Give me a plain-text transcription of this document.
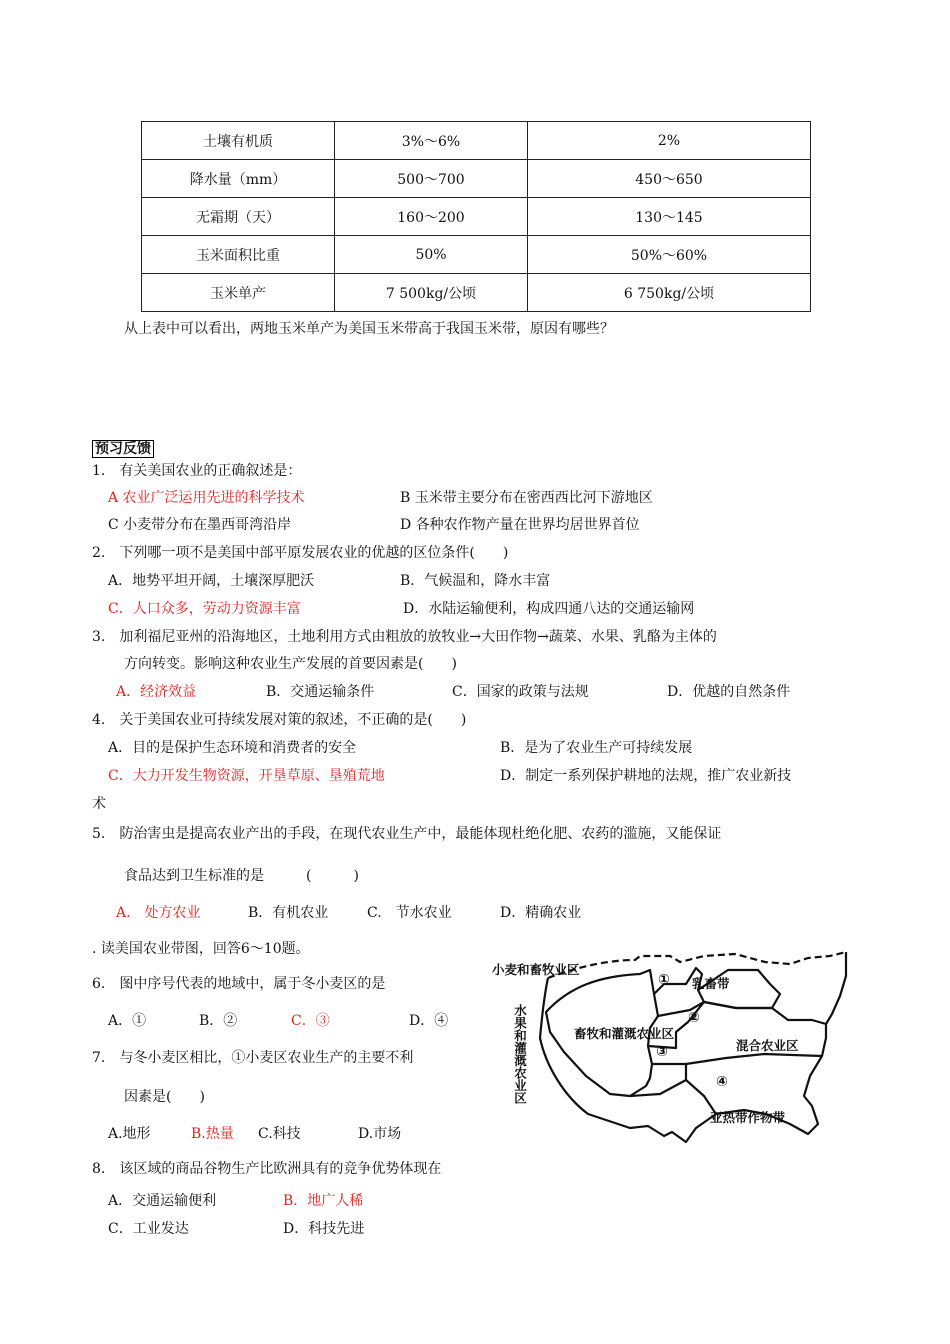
土壤有机质	3%～6%	2%
降水量（mm）	500～700	450～650
无霜期（天）	160～200	130～145
玉米面积比重	50%	50%～60%
玉米单产	7 500kg/公顷	6 750kg/公顷
从上表中可以看出，两地玉米单产为美国玉米带高于我国玉米带，原因有哪些？
预习反馈
1.　有关美国农业的正确叙述是：
A 农业广泛运用先进的科学技术	B 玉米带主要分布在密西西比河下游地区
C 小麦带分布在墨西哥湾沿岸	D 各种农作物产量在世界均居世界首位
2.　下列哪一项不是美国中部平原发展农业的优越的区位条件(　　)
A．地势平坦开阔，土壤深厚肥沃	B．气候温和，降水丰富
C．人口众多，劳动力资源丰富	D．水陆运输便利，构成四通八达的交通运输网
3.　加利福尼亚州的沿海地区，土地利用方式由粗放的放牧业→大田作物→蔬菜、水果、乳酪为主体的
方向转变。影响这种农业生产发展的首要因素是(　　)
A．经济效益	B．交通运输条件	C．国家的政策与法规	D．优越的自然条件
4.　关于美国农业可持续发展对策的叙述，不正确的是(　　)
A．目的是保护生态环境和消费者的安全	B．是为了农业生产可持续发展
C．大力开发生物资源，开垦草原、垦殖荒地	D．制定一系列保护耕地的法规，推广农业新技
术
5.　防治害虫是提高农业产出的手段，在现代农业生产中，最能体现杜绝化肥、农药的滥施，又能保证
食品达到卫生标准的是　　　(　　　)
A.　处方农业	B．有机农业	C.　节水农业	D．精确农业
. 读美国农业带图，回答6～10题。
6.　图中序号代表的地域中，属于冬小麦区的是
A．①	B．②	C．③	D．④
7.　与冬小麦区相比，①小麦区农业生产的主要不利
因素是(　　)
A.地形	B.热量 C.科技	D.市场
8.　该区域的商品谷物生产比欧洲具有的竞争优势体现在
A．交通运输便利	B．地广人稀
C．工业发达	D．科技先进
小麦和畜牧业区
乳畜带
畜牧和灌溉农业区
混合农业区
亚热带作物带
①
②
③
④
水果和灌溉农业区
